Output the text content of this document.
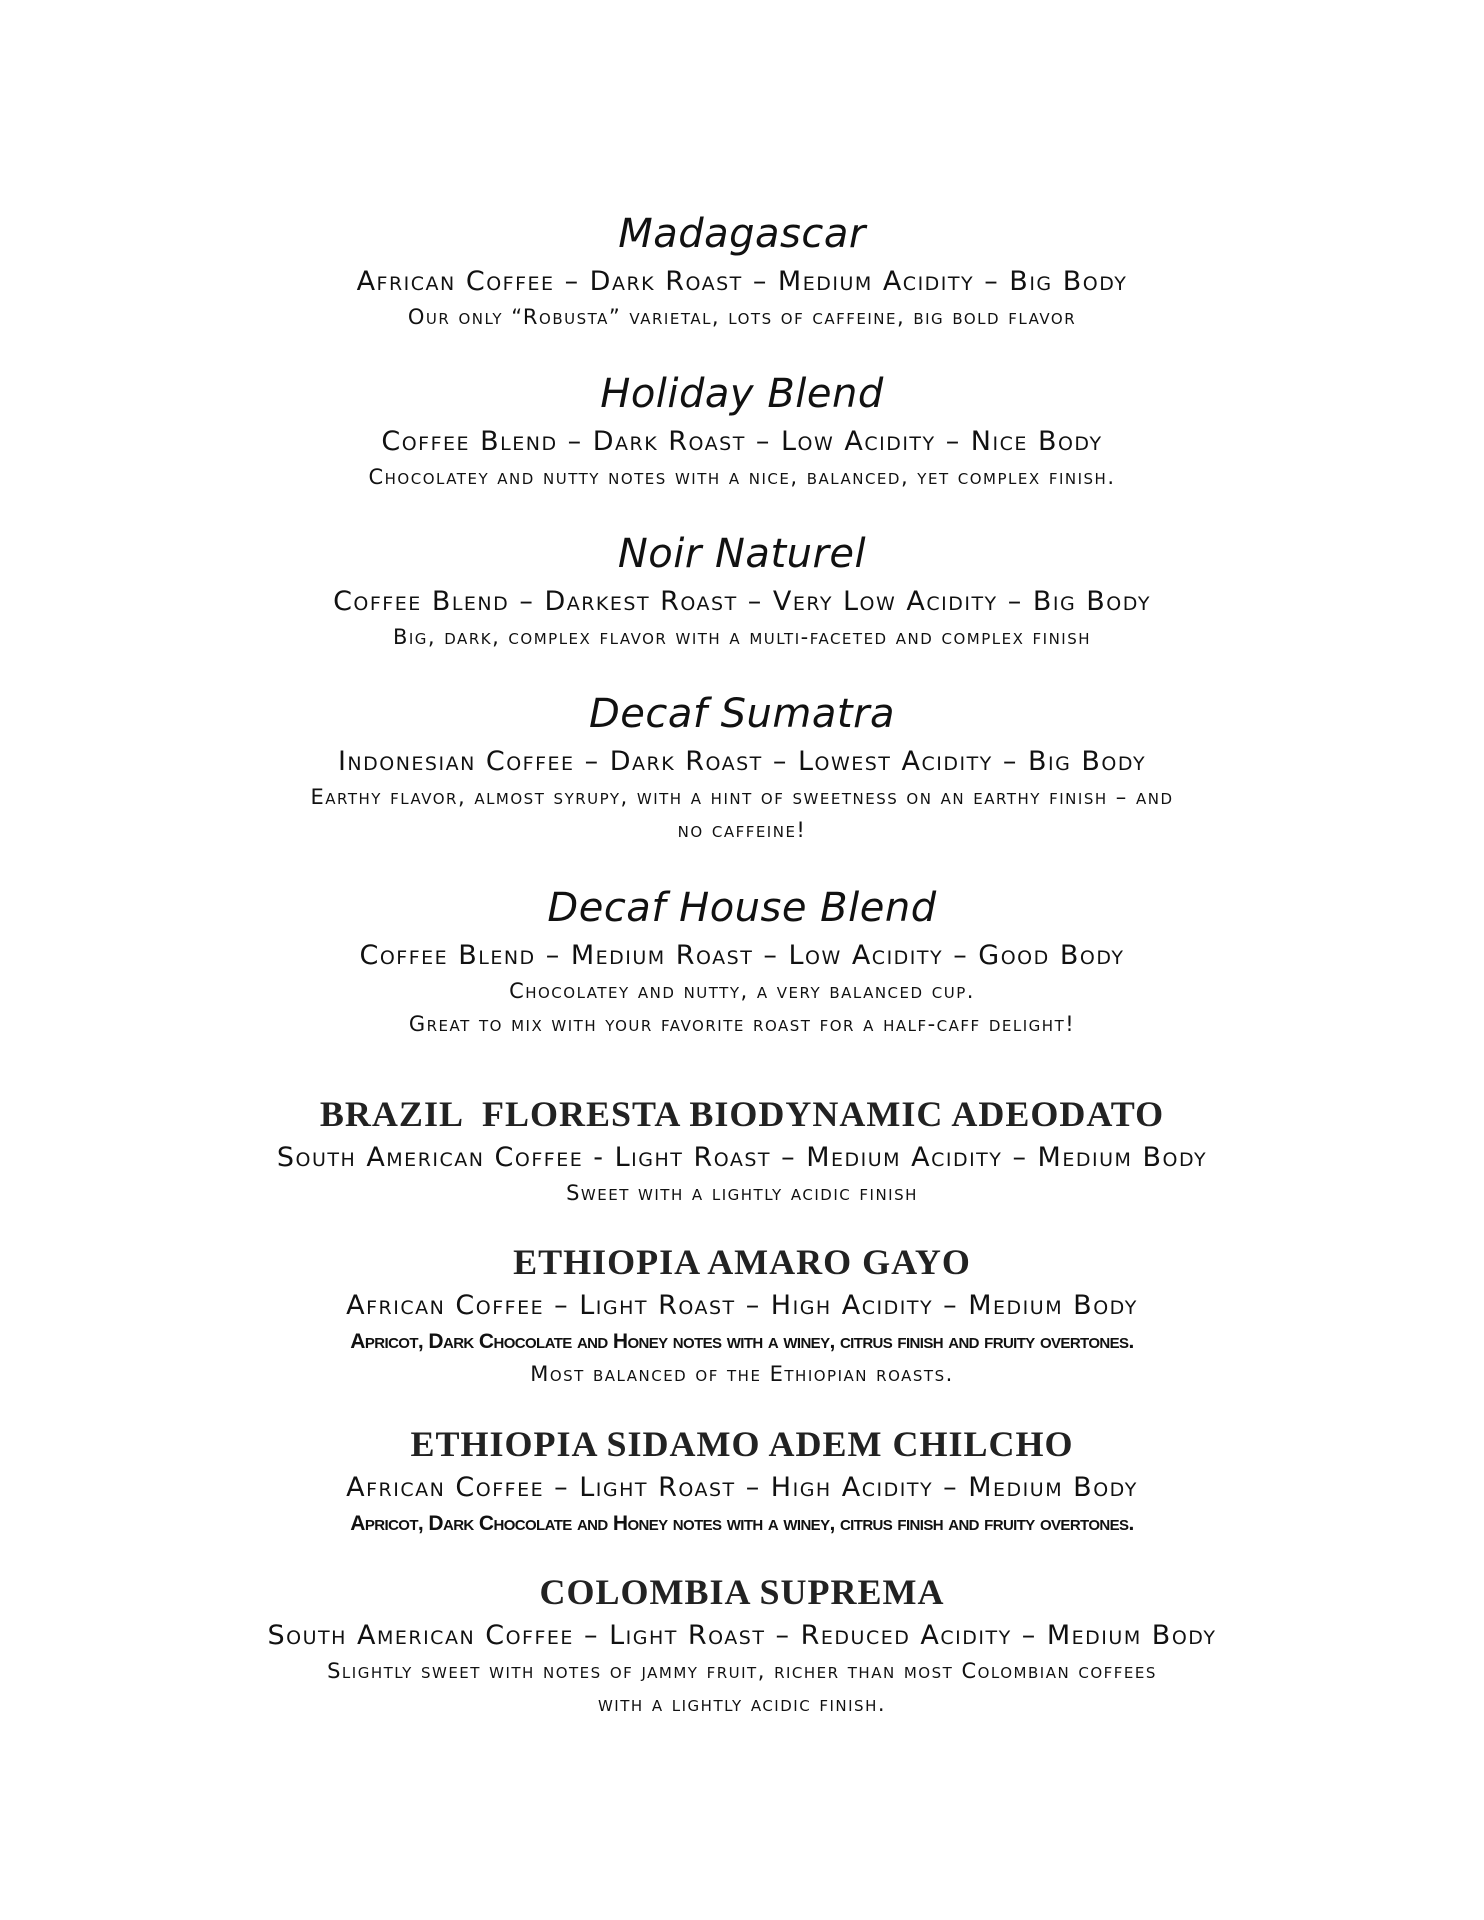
Madagascar
African Coffee – Dark Roast – Medium Acidity – Big Body
Our only “Robusta” varietal, lots of caffeine, big bold flavor
Holiday Blend
Coffee Blend – Dark Roast – Low Acidity – Nice Body
Chocolatey and nutty notes with a nice, balanced, yet complex finish.
Noir Naturel
Coffee Blend – Darkest Roast – Very Low Acidity – Big Body
Big, dark, complex flavor with a multi-faceted and complex finish
Decaf Sumatra
Indonesian Coffee – Dark Roast – Lowest Acidity – Big Body
Earthy flavor, almost syrupy, with a hint of sweetness on an earthy finish – and
no caffeine!
Decaf House Blend
Coffee Blend – Medium Roast – Low Acidity – Good Body
Chocolatey and nutty, a very balanced cup.
Great to mix with your favorite roast for a half-caff delight!
BRAZIL  FLORESTA BIODYNAMIC ADEODATO
South American Coffee - Light Roast – Medium Acidity – Medium Body
Sweet with a lightly acidic finish
ETHIOPIA AMARO GAYO
African Coffee – Light Roast – High Acidity – Medium Body
Apricot, Dark Chocolate and Honey notes with a winey, citrus finish and fruity overtones.
Most balanced of the Ethiopian roasts.
ETHIOPIA SIDAMO ADEM CHILCHO
African Coffee – Light Roast – High Acidity – Medium Body
Apricot, Dark Chocolate and Honey notes with a winey, citrus finish and fruity overtones.
COLOMBIA SUPREMA
South American Coffee – Light Roast – Reduced Acidity – Medium Body
Slightly sweet with notes of jammy fruit, richer than most Colombian coffees
with a lightly acidic finish.
